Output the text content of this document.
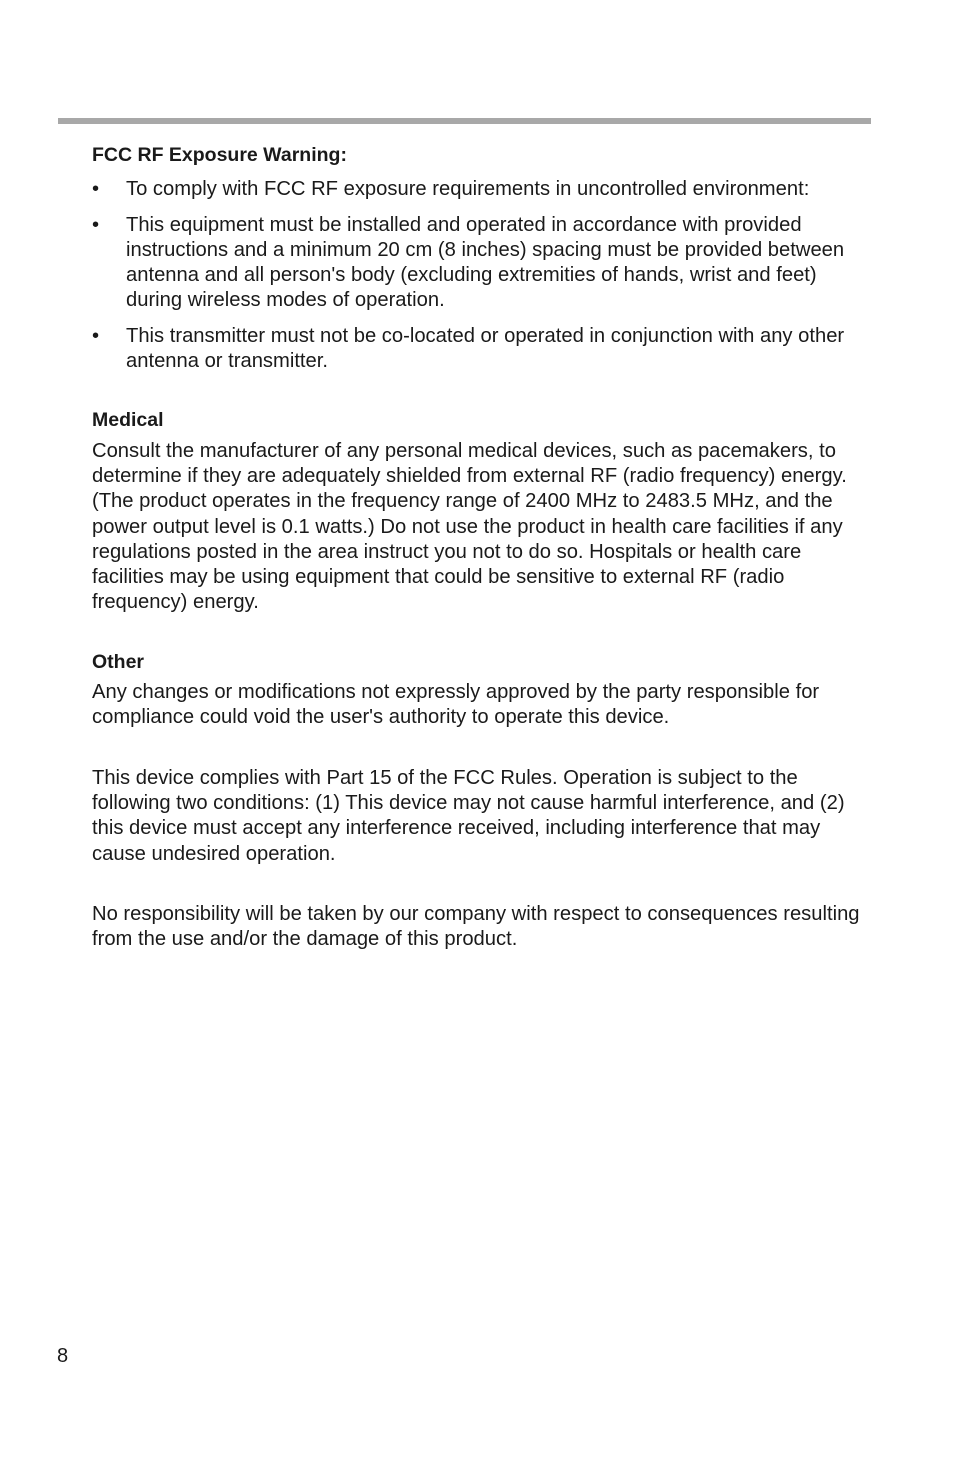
FCC RF Exposure Warning:
• To comply with FCC RF exposure requirements in uncontrolled environment:
• This equipment must be installed and operated in accordance with provided instructions and a minimum 20 cm (8 inches) spacing must be provided between antenna and all person's body (excluding extremities of hands, wrist and feet) during wireless modes of operation.
• This transmitter must not be co-located or operated in conjunction with any other antenna or transmitter.
Medical

Consult the manufacturer of any personal medical devices, such as pacemakers, to determine if they are adequately shielded from external RF (radio frequency) energy. (The product operates in the frequency range of 2400 MHz to 2483.5 MHz, and the power output level is 0.1 watts.) Do not use the product in health care facilities if any regulations posted in the area instruct you not to do so. Hospitals or health care facilities may be using equipment that could be sensitive to external RF (radio frequency) energy.

Other

Any changes or modifications not expressly approved by the party responsible for compliance could void the user's authority to operate this device.

This device complies with Part 15 of the FCC Rules. Operation is subject to the following two conditions: (1) This device may not cause harmful interference, and (2) this device must accept any interference received, including interference that may cause undesired operation.

No responsibility will be taken by our company with respect to consequences resulting from the use and/or the damage of this product.

8
